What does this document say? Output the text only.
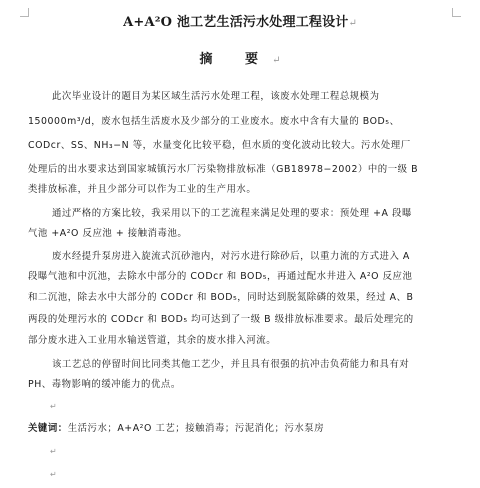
A+A²O 池工艺生活污水处理工程设计↵
摘 要↵
此次毕业设计的题目为某区域生活污水处理工程，该废水处理工程总规模为
150000m³/d，废水包括生活废水及少部分的工业废水。废水中含有大量的 BOD₅、
CODcr、SS、NH₃−N 等，水量变化比较平稳，但水质的变化波动比较大。污水处理厂
处理后的出水要求达到国家城镇污水厂污染物排放标准（GB18978−2002）中的一级 B
类排放标准，并且少部分可以作为工业的生产用水。
通过严格的方案比较，我采用以下的工艺流程来满足处理的要求：预处理 +A 段曝
气池 +A²O 反应池 + 接触消毒池。
废水经提升泵房进入旋流式沉砂池内，对污水进行除砂后，以重力流的方式进入 A
段曝气池和中沉池，去除水中部分的 CODcr 和 BOD₅，再通过配水井进入 A²O 反应池
和二沉池，除去水中大部分的 CODcr 和 BOD₅，同时达到脱氮除磷的效果，经过 A、B
两段的处理污水的 CODcr 和 BOD₅ 均可达到了一级 B 级排放标准要求。最后处理完的
部分废水进入工业用水输送管道，其余的废水排入河流。
该工艺总的停留时间比同类其他工艺少，并且具有很强的抗冲击负荷能力和具有对
PH、毒物影响的缓冲能力的优点。
↵
关键词：生活污水；A+A²O 工艺；接触消毒；污泥消化；污水泵房
↵
↵
